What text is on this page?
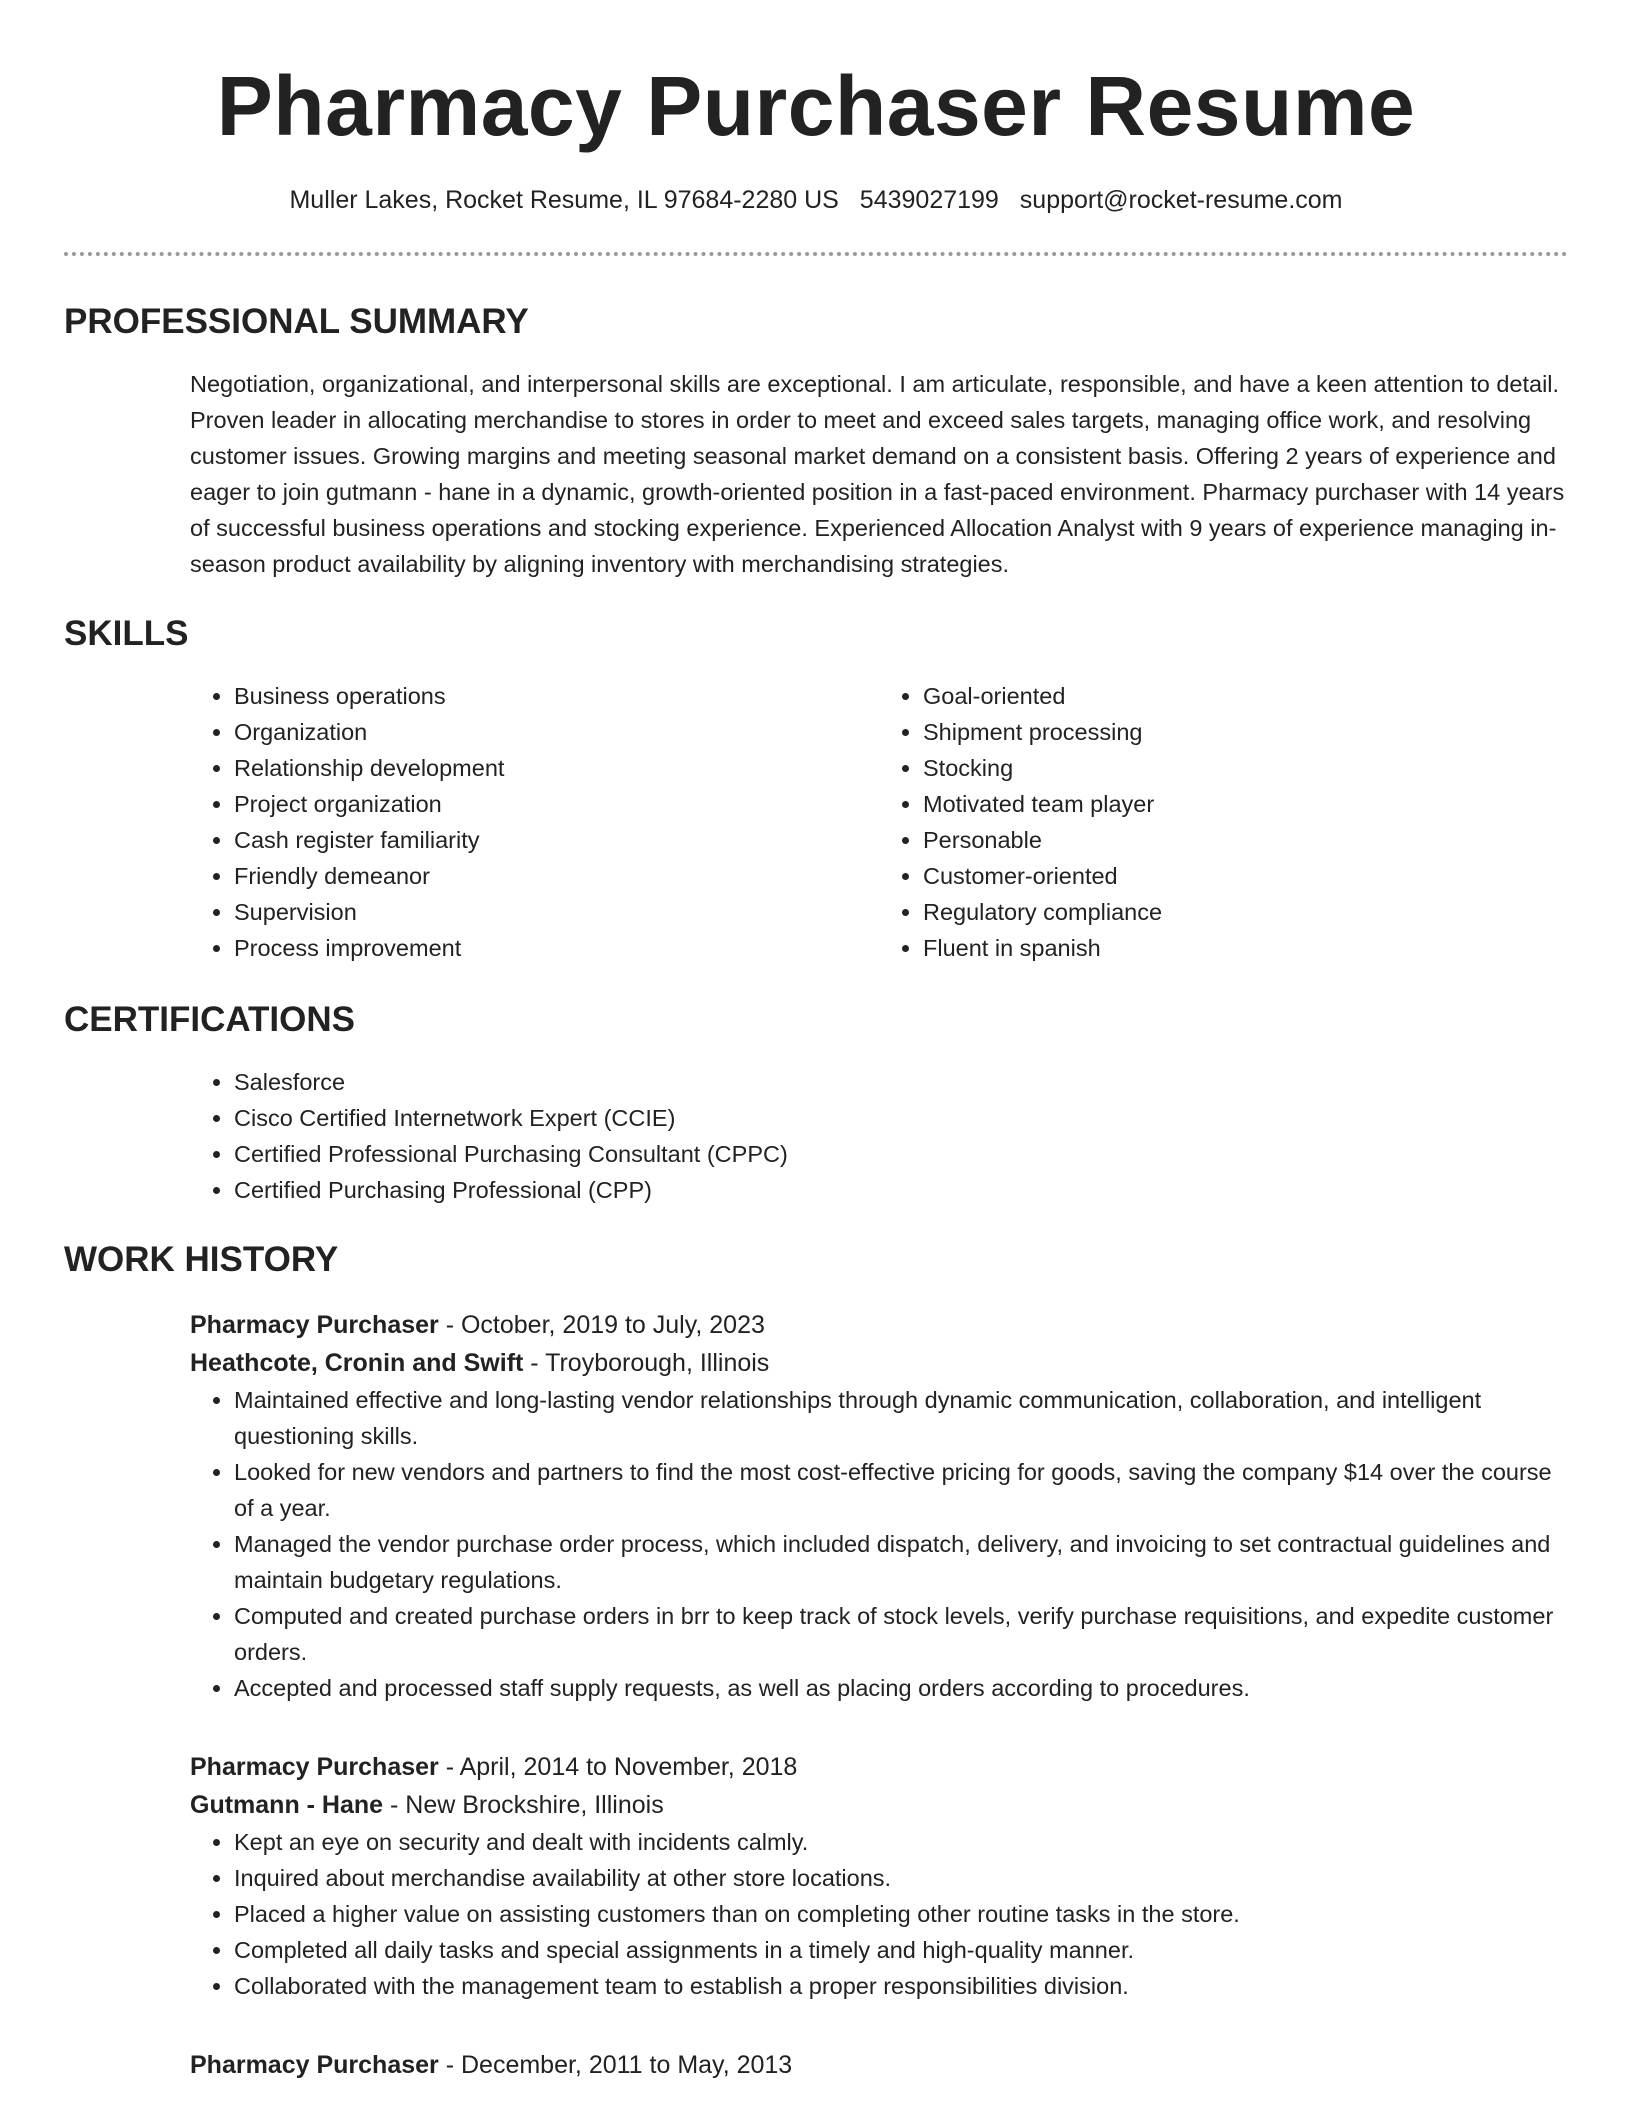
Pharmacy Purchaser Resume
Muller Lakes, Rocket Resume, IL 97684-2280 US 5439027199 support@rocket-resume.com
PROFESSIONAL SUMMARY
Negotiation, organizational, and interpersonal skills are exceptional. I am articulate, responsible, and have a keen attention to detail. Proven leader in allocating merchandise to stores in order to meet and exceed sales targets, managing office work, and resolving customer issues. Growing margins and meeting seasonal market demand on a consistent basis. Offering 2 years of experience and eager to join gutmann - hane in a dynamic, growth-oriented position in a fast-paced environment. Pharmacy purchaser with 14 years of successful business operations and stocking experience. Experienced Allocation Analyst with 9 years of experience managing in-season product availability by aligning inventory with merchandising strategies.
SKILLS
• Business operations
• Organization
• Relationship development
• Project organization
• Cash register familiarity
• Friendly demeanor
• Supervision
• Process improvement
• Goal-oriented
• Shipment processing
• Stocking
• Motivated team player
• Personable
• Customer-oriented
• Regulatory compliance
• Fluent in spanish
CERTIFICATIONS
• Salesforce
• Cisco Certified Internetwork Expert (CCIE)
• Certified Professional Purchasing Consultant (CPPC)
• Certified Purchasing Professional (CPP)
WORK HISTORY
Pharmacy Purchaser - October, 2019 to July, 2023
Heathcote, Cronin and Swift - Troyborough, Illinois
• Maintained effective and long-lasting vendor relationships through dynamic communication, collaboration, and intelligent questioning skills.
• Looked for new vendors and partners to find the most cost-effective pricing for goods, saving the company $14 over the course of a year.
• Managed the vendor purchase order process, which included dispatch, delivery, and invoicing to set contractual guidelines and maintain budgetary regulations.
• Computed and created purchase orders in brr to keep track of stock levels, verify purchase requisitions, and expedite customer orders.
• Accepted and processed staff supply requests, as well as placing orders according to procedures.
Pharmacy Purchaser - April, 2014 to November, 2018
Gutmann - Hane - New Brockshire, Illinois
• Kept an eye on security and dealt with incidents calmly.
• Inquired about merchandise availability at other store locations.
• Placed a higher value on assisting customers than on completing other routine tasks in the store.
• Completed all daily tasks and special assignments in a timely and high-quality manner.
• Collaborated with the management team to establish a proper responsibilities division.
Pharmacy Purchaser - December, 2011 to May, 2013
